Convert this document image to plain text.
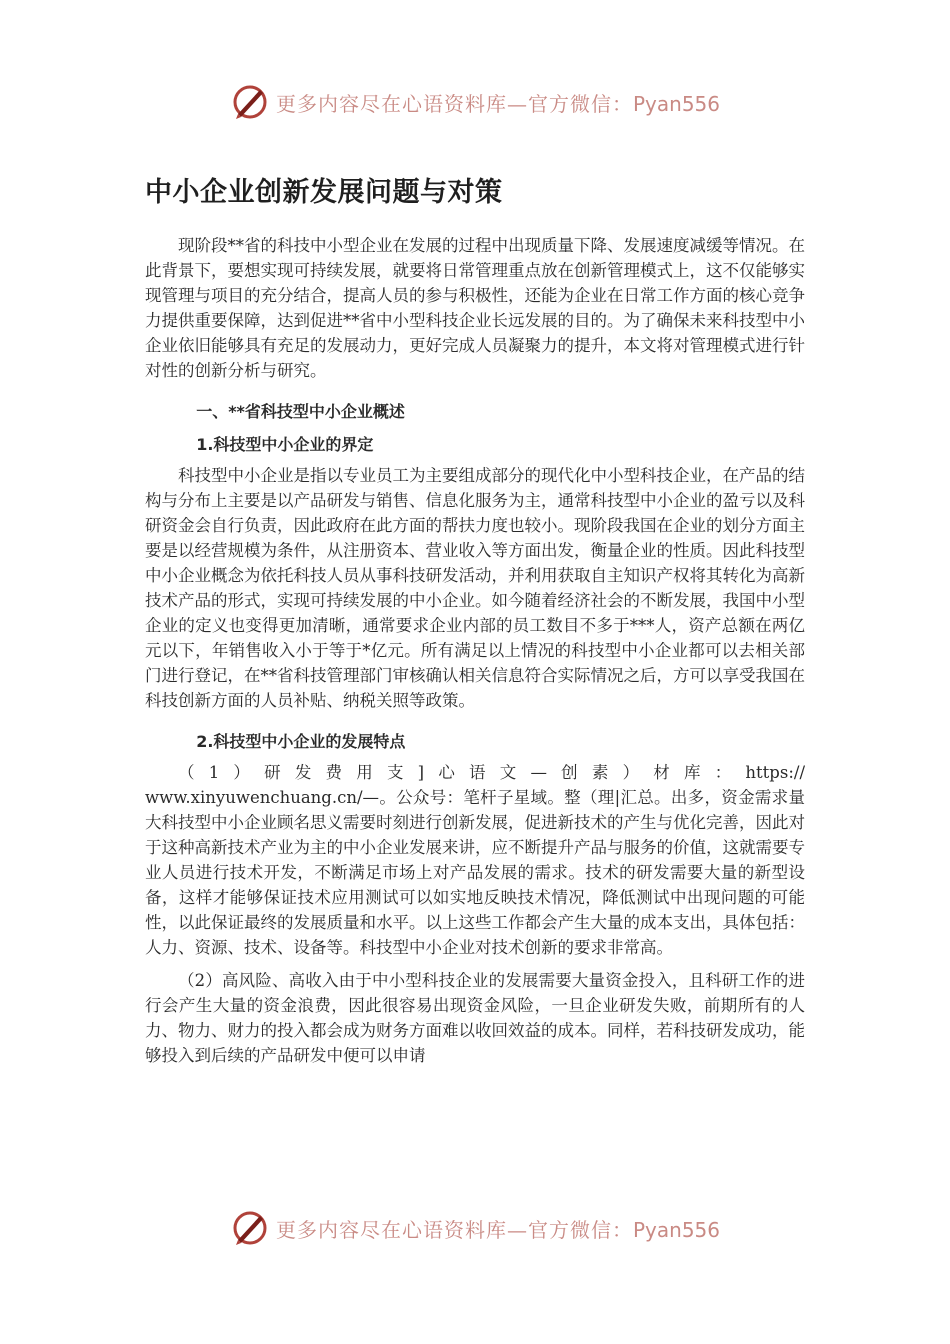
更多内容尽在心语资料库—官方微信：Pyan556
中小企业创新发展问题与对策

现阶段**省的科技中小型企业在发展的过程中出现质量下降、发展速度减缓等情况。在此背景下，要想实现可持续发展，就要将日常管理重点放在创新管理模式上，这不仅能够实现管理与项目的充分结合，提高人员的参与积极性，还能为企业在日常工作方面的核心竞争力提供重要保障，达到促进**省中小型科技企业长远发展的目的。为了确保未来科技型中小企业依旧能够具有充足的发展动力，更好完成人员凝聚力的提升，本文将对管理模式进行针对性的创新分析与研究。

一、**省科技型中小企业概述
1.科技型中小企业的界定

科技型中小企业是指以专业员工为主要组成部分的现代化中小型科技企业，在产品的结构与分布上主要是以产品研发与销售、信息化服务为主，通常科技型中小企业的盈亏以及科研资金会自行负责，因此政府在此方面的帮扶力度也较小。现阶段我国在企业的划分方面主要是以经营规模为条件，从注册资本、营业收入等方面出发，衡量企业的性质。因此科技型中小企业概念为依托科技人员从事科技研发活动，并利用获取自主知识产权将其转化为高新技术产品的形式，实现可持续发展的中小企业。如今随着经济社会的不断发展，我国中小型企业的定义也变得更加清晰，通常要求企业内部的员工数目不多于***人，资产总额在两亿元以下，年销售收入小于等于*亿元。所有满足以上情况的科技型中小企业都可以去相关部门进行登记，在**省科技管理部门审核确认相关信息符合实际情况之后，方可以享受我国在科技创新方面的人员补贴、纳税关照等政策。

2.科技型中小企业的发展特点

（1）研发费用支]心语文—创素）材库：https://

www.xinyuwenchuang.cn/—。公众号：笔杆子星域。整（理|汇总。出多，资金需求量大科技型中小企业顾名思义需要时刻进行创新发展，促进新技术的产生与优化完善，因此对于这种高新技术产业为主的中小企业发展来讲，应不断提升产品与服务的价值，这就需要专业人员进行技术开发，不断满足市场上对产品发展的需求。技术的研发需要大量的新型设备，这样才能够保证技术应用测试可以如实地反映技术情况，降低测试中出现问题的可能性，以此保证最终的发展质量和水平。以上这些工作都会产生大量的成本支出，具体包括：人力、资源、技术、设备等。科技型中小企业对技术创新的要求非常高。

（2）高风险、高收入由于中小型科技企业的发展需要大量资金投入，且科研工作的进行会产生大量的资金浪费，因此很容易出现资金风险，一旦企业研发失败，前期所有的人力、物力、财力的投入都会成为财务方面难以收回效益的成本。同样，若科技研发成功，能够投入到后续的产品研发中便可以申请

更多内容尽在心语资料库—官方微信：Pyan556
